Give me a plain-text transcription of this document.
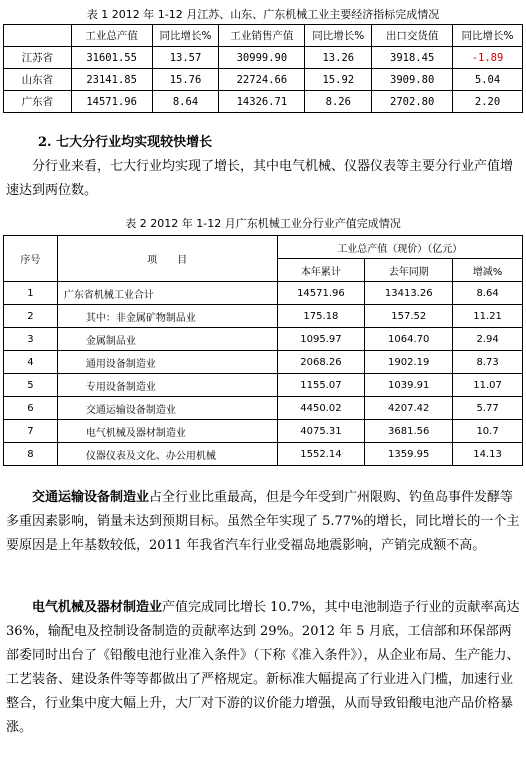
表 1 2012 年 1-12 月江苏、山东、广东机械工业主要经济指标完成情况
	工业总产值	同比增长%	工业销售产值	同比增长%	出口交货值	同比增长%
江苏省	31601.55	13.57	30999.90	13.26	3918.45	-1.89
山东省	23141.85	15.76	22724.66	15.92	3909.80	5.04
广东省	14571.96	8.64	14326.71	8.26	2702.80	2.20
2. 七大分行业均实现较快增长

分行业来看，七大行业均实现了增长，其中电气机械、仪器仪表等主要分行业产值增速达到两位数。

表 2 2012 年 1-12 月广东机械工业分行业产值完成情况
序号	项　　目	工业总产值（现价）（亿元）		
		本年累计	去年同期	增减%
1	广东省机械工业合计	14571.96	13413.26	8.64
2	其中：非金属矿物制品业	175.18	157.52	11.21
3	金属制品业	1095.97	1064.70	2.94
4	通用设备制造业	2068.26	1902.19	8.73
5	专用设备制造业	1155.07	1039.91	11.07
6	交通运输设备制造业	4450.02	4207.42	5.77
7	电气机械及器材制造业	4075.31	3681.56	10.7
8	仪器仪表及文化、办公用机械	1552.14	1359.95	14.13

交通运输设备制造业占全行业比重最高，但是今年受到广州限购、钓鱼岛事件发酵等多重因素影响，销量未达到预期目标。虽然全年实现了 5.77%的增长，同比增长的一个主要原因是上年基数较低，2011 年我省汽车行业受福岛地震影响，产销完成额不高。

电气机械及器材制造业产值完成同比增长 10.7%，其中电池制造子行业的贡献率高达 36%，输配电及控制设备制造的贡献率达到 29%。2012 年 5 月底，工信部和环保部两部委同时出台了《铅酸电池行业准入条件》（下称《准入条件》），从企业布局、生产能力、工艺装备、建设条件等等都做出了严格规定。新标准大幅提高了行业进入门槛，加速行业整合，行业集中度大幅上升，大厂对下游的议价能力增强，从而导致铅酸电池产品价格暴涨。
